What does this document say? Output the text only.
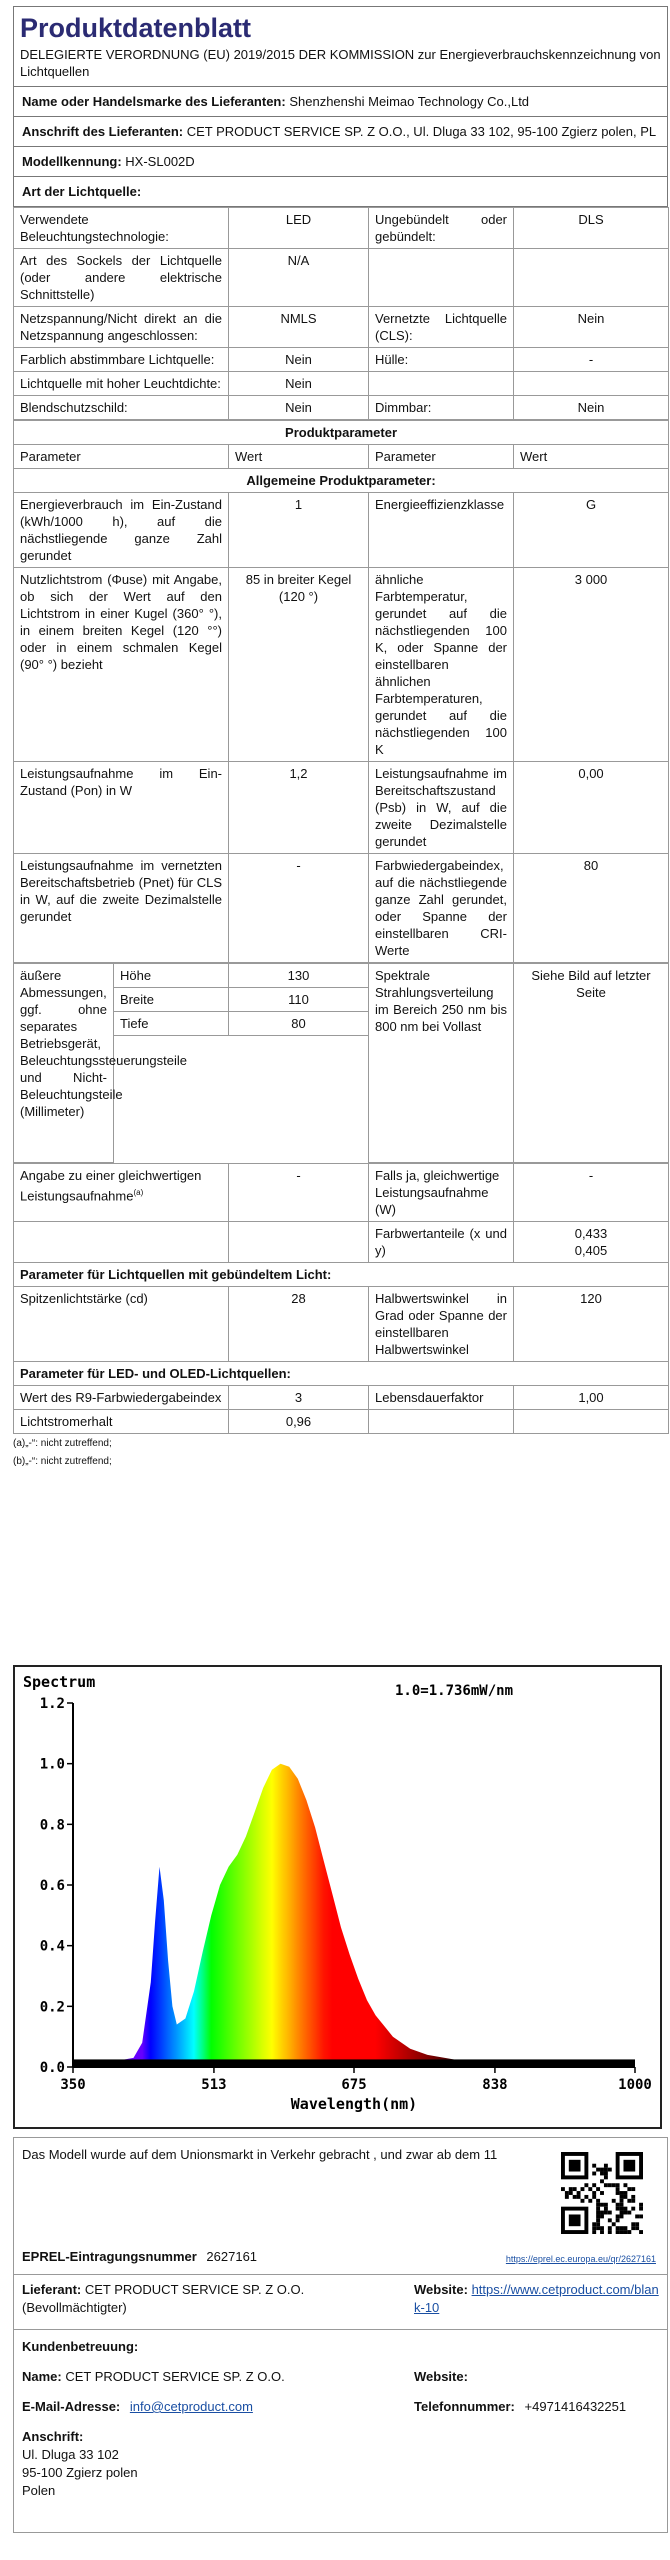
Produktdatenblatt
DELEGIERTE VERORDNUNG (EU) 2019/2015 DER KOMMISSION zur Energieverbrauchskennzeichnung von Lichtquellen
Name oder Handelsmarke des Lieferanten: Shenzhenshi Meimao Technology Co.,Ltd
Anschrift des Lieferanten: CET PRODUCT SERVICE SP. Z O.O., Ul. Dluga 33 102, 95-100 Zgierz polen, PL
Modellkennung: HX-SL002D
Art der Lichtquelle:
Verwendete Beleuchtungstechnologie:	LED	Ungebündelt oder gebündelt:	DLS
Art des Sockels der Lichtquelle (oder andere elektrische Schnittstelle)	N/A		
Netzspannung/Nicht direkt an die Netzspannung angeschlossen:	NMLS	Vernetzte Lichtquelle (CLS):	Nein
Farblich abstimmbare Lichtquelle:	Nein	Hülle:	-
Lichtquelle mit hoher Leuchtdichte:	Nein		
Blendschutzschild:	Nein	Dimmbar:	Nein
Produktparameter			
Parameter	Wert	Parameter	Wert
Allgemeine Produktparameter:			
Energieverbrauch im Ein-Zustand (kWh/1000 h), auf die nächstliegende ganze Zahl gerundet	1	Energieeffizienzklasse	G
Nutzlichtstrom (Φuse) mit Angabe, ob sich der Wert auf den Lichtstrom in einer Kugel (360° °), in einem breiten Kegel (120 °°) oder in einem schmalen Kegel (90° °) bezieht	85 in breiter Kegel (120 °)	ähnliche Farbtemperatur, gerundet auf die nächstliegenden 100 K, oder Spanne der einstellbaren ähnlichen Farbtemperaturen, gerundet auf die nächstliegenden 100 K	3 000
Leistungsaufnahme im Ein-Zustand (Pon) in W	1,2	Leistungsaufnahme im Bereitschaftszustand (Psb) in W, auf die zweite Dezimalstelle gerundet	0,00
Leistungsaufnahme im vernetzten Bereitschaftsbetrieb (Pnet) für CLS in W, auf die zweite Dezimalstelle gerundet	-	Farbwiedergabeindex, auf die nächstliegende ganze Zahl gerundet, oder Spanne der einstellbaren CRI-Werte	80
äußere Abmessungen, ggf. ohne separates Betriebsgerät, Beleuchtungssteuerungsteile und Nicht-Beleuchtungsteile (Millimeter)	Höhe	130	Spektrale Strahlungsverteilung im Bereich 250 nm bis 800 nm bei Vollast	Siehe Bild auf letzter Seite
	Breite	110		
	Tiefe	80		

Angabe zu einer gleichwertigen Leistungsaufnahme$^{(a)}$	-	Falls ja, gleichwertige Leistungsaufnahme (W)	-
		Farbwertanteile (x und y)	0,433
0,405

Parameter für Lichtquellen mit gebündeltem Licht:			
Spitzenlichtstärke (cd)	28	Halbwertswinkel in Grad oder Spanne der einstellbaren Halbwertswinkel	120
Parameter für LED- und OLED-Lichtquellen:			
Wert des R9-Farbwiedergabeindex	3	Lebensdauerfaktor	1,00
Lichtstromerhalt	0,96		
(a)„-“: nicht zutreffend;
(b)„-“: nicht zutreffend;
0.0
0.2
0.4
0.6
0.8
1.0
1.2
350	513	675	838	1000
Spectrum	1.0=1.736mW/nm
Wavelength(nm)
Das Modell wurde auf dem Unionsmarkt in Verkehr gebracht , und zwar ab dem 11
EPREL-Eintragungsnummer 2627161	https://eprel.ec.europa.eu/qr/2627161
Lieferant: CET PRODUCT SERVICE SP. Z O.O. (Bevollmächtigter)
Website: https://www.cetproduct.com/blank-10
Kundenbetreuung:
Name: CET PRODUCT SERVICE SP. Z O.O.	Website:
E-Mail-Adresse: info@cetproduct.com	Telefonnummer: +4971416432251
Anschrift:
Ul. Dluga 33 102
95-100 Zgierz polen
Polen
